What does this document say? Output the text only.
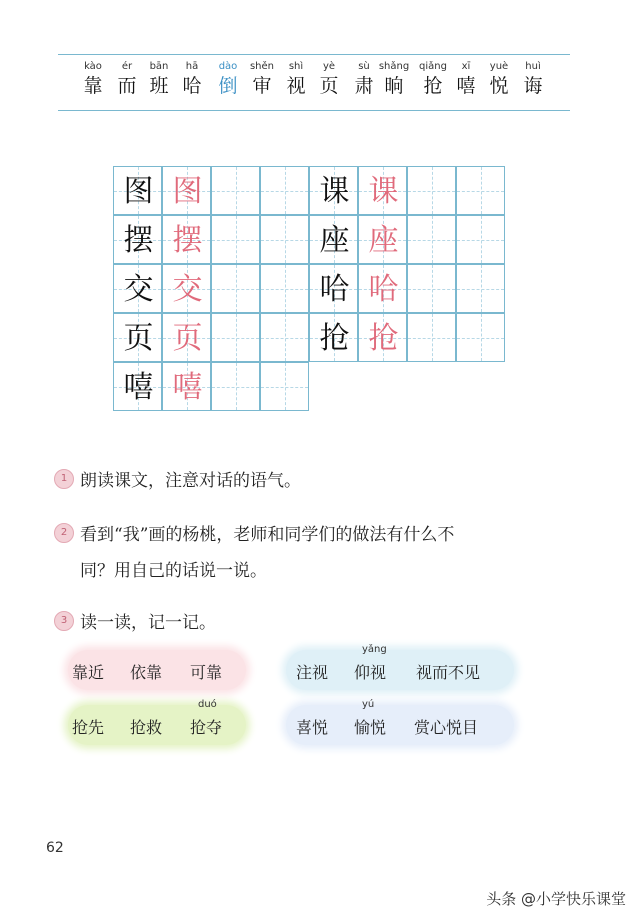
kào
靠
ér
而
bān
班
hā
哈
dào
倒
shěn
审
shì
视
yè
页
sù
肃
shǎng
晌
qiǎng
抢
xī
嘻
yuè
悦
huì
诲
图 图
摆 摆
交 交
页 页
嘻 嘻
课 课
座 座
哈 哈
抢 抢
1 朗读课文，注意对话的语气。
2 看到“我”画的杨桃，老师和同学们的做法有什么不
同？用自己的话说一说。
3 读一读，记一记。
靠近 依靠 可靠	注视 仰视
yǎng
视而不见
抢先 抢救 抢夺
duó
喜悦 愉悦
yú
赏心悦目
62
头条 @小学快乐课堂
